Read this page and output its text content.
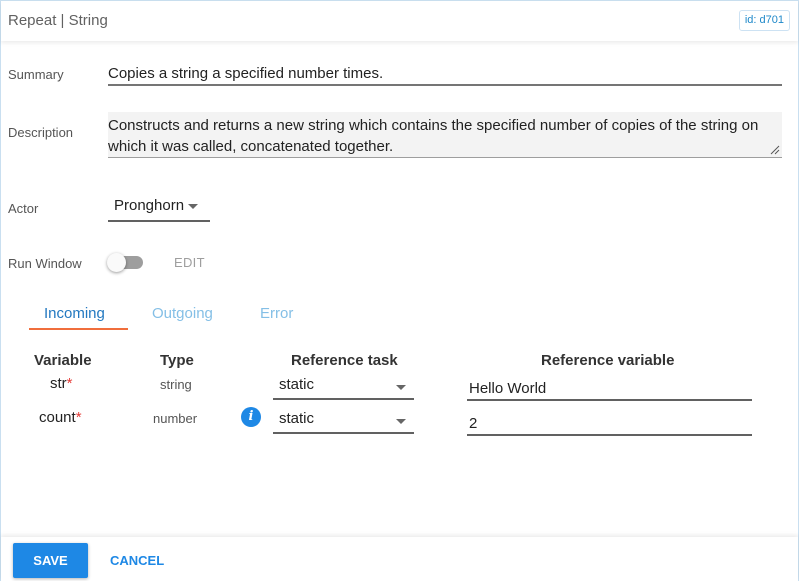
Repeat | String	id: d701
Summary	Copies a string a specified number times.
Description Constructs and returns a new string which contains the specified number of copies of the string on which it was called, concatenated together.
Actor	Pronghorn
Run Window	EDIT
Incoming	Outgoing	Error
Variable	Type	Reference task	Reference variable
str*	string	static	Hello World
count*	number	i	static	2
SAVE	CANCEL
